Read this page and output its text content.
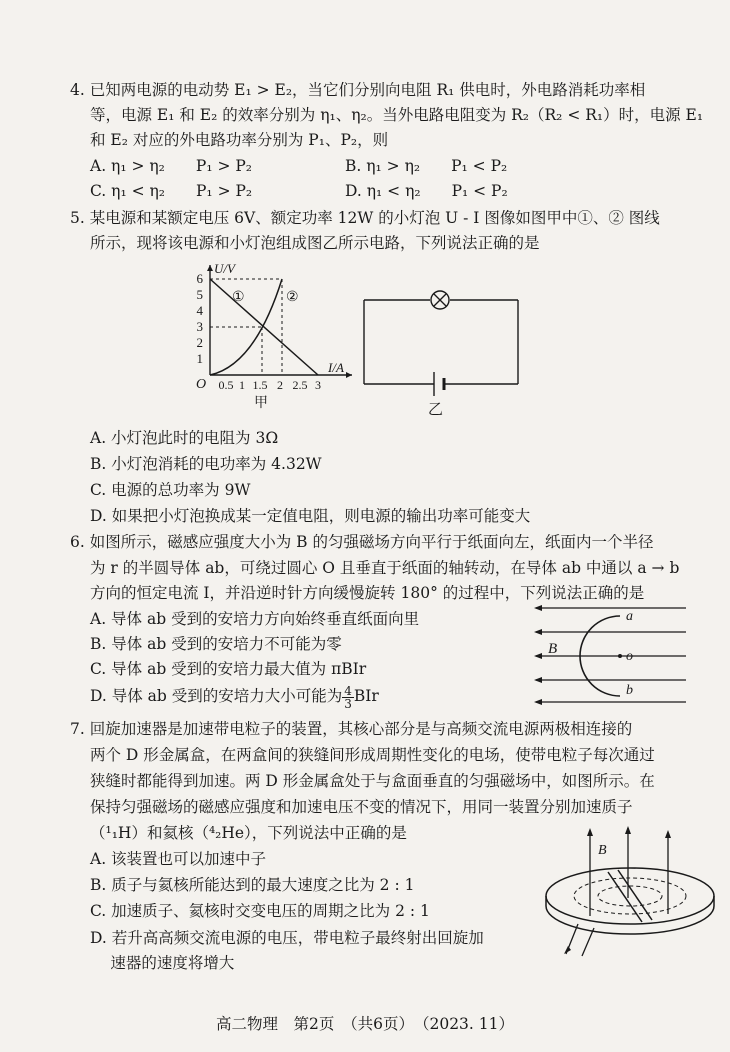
4. 已知两电源的电动势 E₁ > E₂，当它们分别向电阻 R₁ 供电时，外电路消耗功率相

等，电源 E₁ 和 E₂ 的效率分别为 η₁、η₂。当外电路电阻变为 R₂（R₂ < R₁）时，电源 E₁

和 E₂ 对应的外电路功率分别为 P₁、P₂，则

A. η₁ > η₂　　P₁ > P₂	B. η₁ > η₂　　P₁ < P₂

C. η₁ < η₂　　P₁ > P₂	D. η₁ < η₂　　P₁ < P₂

5. 某电源和某额定电压 6V、额定功率 12W 的小灯泡 U - I 图像如图甲中①、② 图线

所示，现将该电源和小灯泡组成图乙所示电路，下列说法正确的是

U/V
I/A
O
1
2
3
4
5
6
0.5 1 1.5 2 2.5 3
①	②
甲	乙

A. 小灯泡此时的电阻为 3Ω

B. 小灯泡消耗的电功率为 4.32W

C. 电源的总功率为 9W

D. 如果把小灯泡换成某一定值电阻，则电源的输出功率可能变大

6. 如图所示，磁感应强度大小为 B 的匀强磁场方向平行于纸面向左，纸面内一个半径

为 r 的半圆导体 ab，可绕过圆心 O 且垂直于纸面的轴转动，在导体 ab 中通以 a → b

方向的恒定电流 I，并沿逆时针方向缓慢旋转 180° 的过程中，下列说法正确的是

A. 导体 ab 受到的安培力方向始终垂直纸面向里

B. 导体 ab 受到的安培力不可能为零

C. 导体 ab 受到的安培力最大值为 πBIr

D. 导体 ab 受到的安培力大小可能为 $\frac{4}{3}$ BIr

B
a
o
b

7. 回旋加速器是加速带电粒子的装置，其核心部分是与高频交流电源两极相连接的

两个 D 形金属盒，在两盒间的狭缝间形成周期性变化的电场，使带电粒子每次通过

狭缝时都能得到加速。两 D 形金属盒处于与盒面垂直的匀强磁场中，如图所示。在

保持匀强磁场的磁感应强度和加速电压不变的情况下，用同一装置分别加速质子

（¹₁H）和氦核（⁴₂He），下列说法中正确的是

A. 该装置也可以加速中子

B. 质子与氦核所能达到的最大速度之比为 2 : 1

C. 加速质子、氦核时交变电压的周期之比为 2 : 1

D. 若升高高频交流电源的电压，带电粒子最终射出回旋加

　 速器的速度将增大

B

高二物理　第2页　（共6页）　（2023. 11）
